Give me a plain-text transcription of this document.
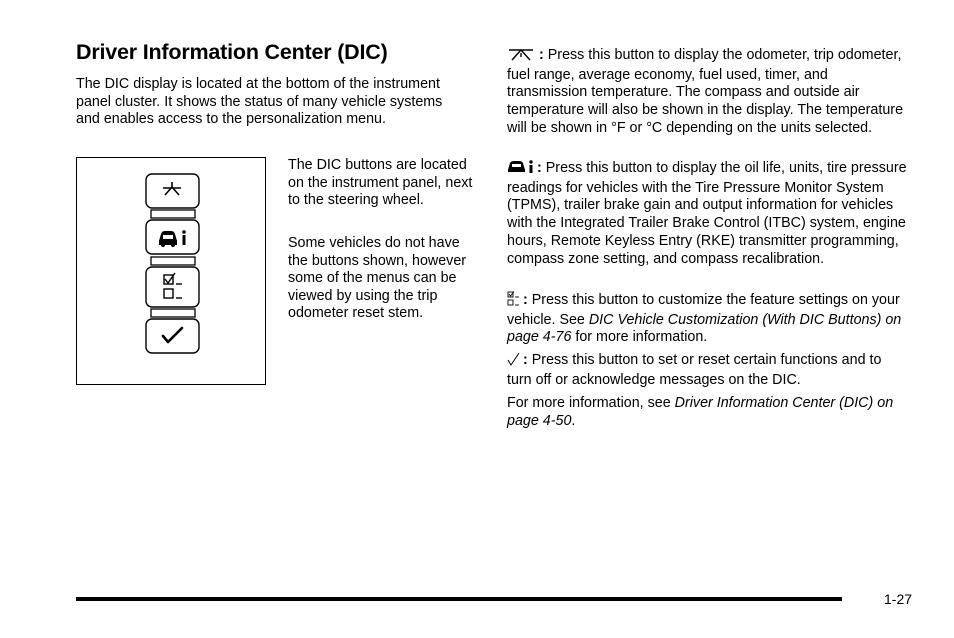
Driver Information Center (DIC)
The DIC display is located at the bottom of the instrument panel cluster. It shows the status of many vehicle systems and enables access to the personalization menu.
The DIC buttons are located on the instrument panel, next to the steering wheel.
Some vehicles do not have the buttons shown, however some of the menus can be viewed by using the trip odometer reset stem.
: Press this button to display the odometer, trip odometer, fuel range, average economy, fuel used, timer, and transmission temperature. The compass and outside air temperature will also be shown in the display. The temperature will be shown in °F or °C depending on the units selected.
: Press this button to display the oil life, units, tire pressure readings for vehicles with the Tire Pressure Monitor System (TPMS), trailer brake gain and output information for vehicles with the Integrated Trailer Brake Control (ITBC) system, engine hours, Remote Keyless Entry (RKE) transmitter programming, compass zone setting, and compass recalibration.
: Press this button to customize the feature settings on your vehicle. See DIC Vehicle Customization (With DIC Buttons) on page 4-76 for more information.
: Press this button to set or reset certain functions and to turn off or acknowledge messages on the DIC.
For more information, see Driver Information Center (DIC) on page 4-50.
1-27
